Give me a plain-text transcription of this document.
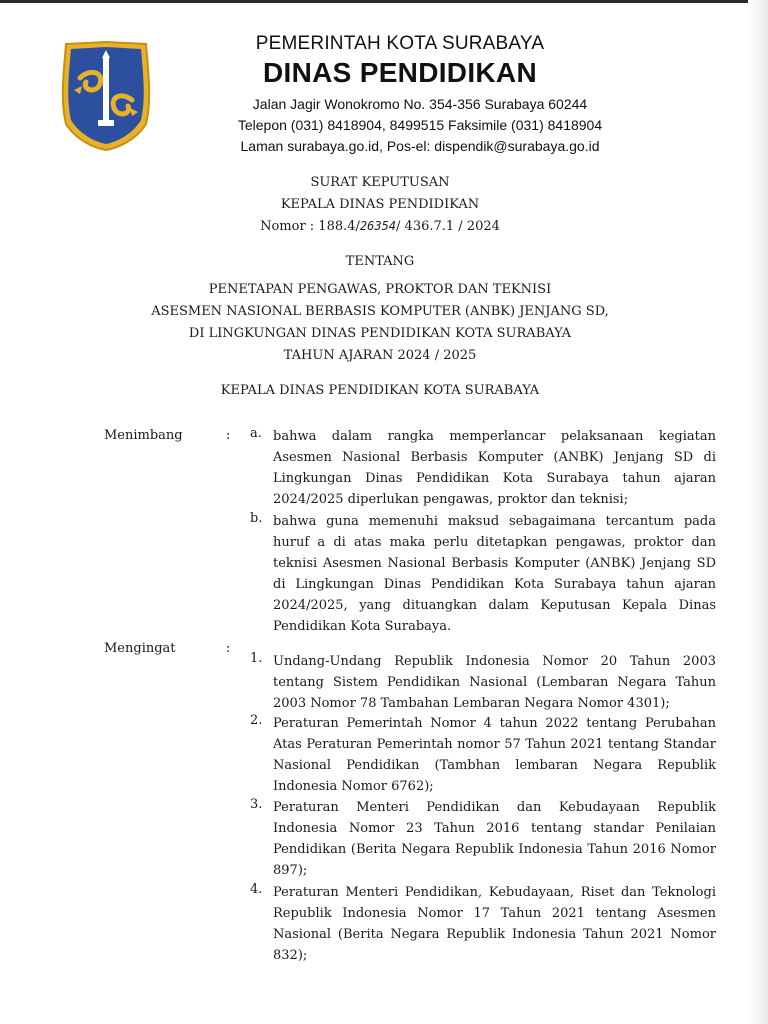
PEMERINTAH KOTA SURABAYA
DINAS PENDIDIKAN
Jalan Jagir Wonokromo No. 354-356 Surabaya 60244
Telepon (031) 8418904, 8499515 Faksimile (031) 8418904
Laman surabaya.go.id, Pos-el: dispendik@surabaya.go.id
SURAT KEPUTUSAN
KEPALA DINAS PENDIDIKAN
Nomor : 188.4/26354/ 436.7.1 / 2024
TENTANG
PENETAPAN PENGAWAS, PROKTOR DAN TEKNISI
ASESMEN NASIONAL BERBASIS KOMPUTER (ANBK) JENJANG SD,
DI LINGKUNGAN DINAS PENDIDIKAN KOTA SURABAYA
TAHUN AJARAN 2024 / 2025
KEPALA DINAS PENDIDIKAN KOTA SURABAYA
Menimbang	: a. bahwa dalam rangka memperlancar pelaksanaan kegiatan Asesmen Nasional Berbasis Komputer (ANBK) Jenjang SD di Lingkungan Dinas Pendidikan Kota Surabaya tahun ajaran 2024/2025 diperlukan pengawas, proktor dan teknisi;

b. bahwa guna memenuhi maksud sebagaimana tercantum pada huruf a di atas maka perlu ditetapkan pengawas, proktor dan teknisi Asesmen Nasional Berbasis Komputer (ANBK) Jenjang SD di Lingkungan Dinas Pendidikan Kota Surabaya tahun ajaran 2024/2025, yang dituangkan dalam Keputusan Kepala Dinas Pendidikan Kota Surabaya.

Mengingat	:
1. Undang-Undang Republik Indonesia Nomor 20 Tahun 2003 tentang Sistem Pendidikan Nasional (Lembaran Negara Tahun 2003 Nomor 78 Tambahan Lembaran Negara Nomor 4301);

2. Peraturan Pemerintah Nomor 4 tahun 2022 tentang Perubahan Atas Peraturan Pemerintah nomor 57 Tahun 2021 tentang Standar Nasional Pendidikan (Tambhan lembaran Negara Republik Indonesia Nomor 6762);

3. Peraturan Menteri Pendidikan dan Kebudayaan Republik Indonesia Nomor 23 Tahun 2016 tentang standar Penilaian Pendidikan (Berita Negara Republik Indonesia Tahun 2016 Nomor 897);

4. Peraturan Menteri Pendidikan, Kebudayaan, Riset dan Teknologi Republik Indonesia Nomor 17 Tahun 2021 tentang Asesmen Nasional (Berita Negara Republik Indonesia Tahun 2021 Nomor 832);
